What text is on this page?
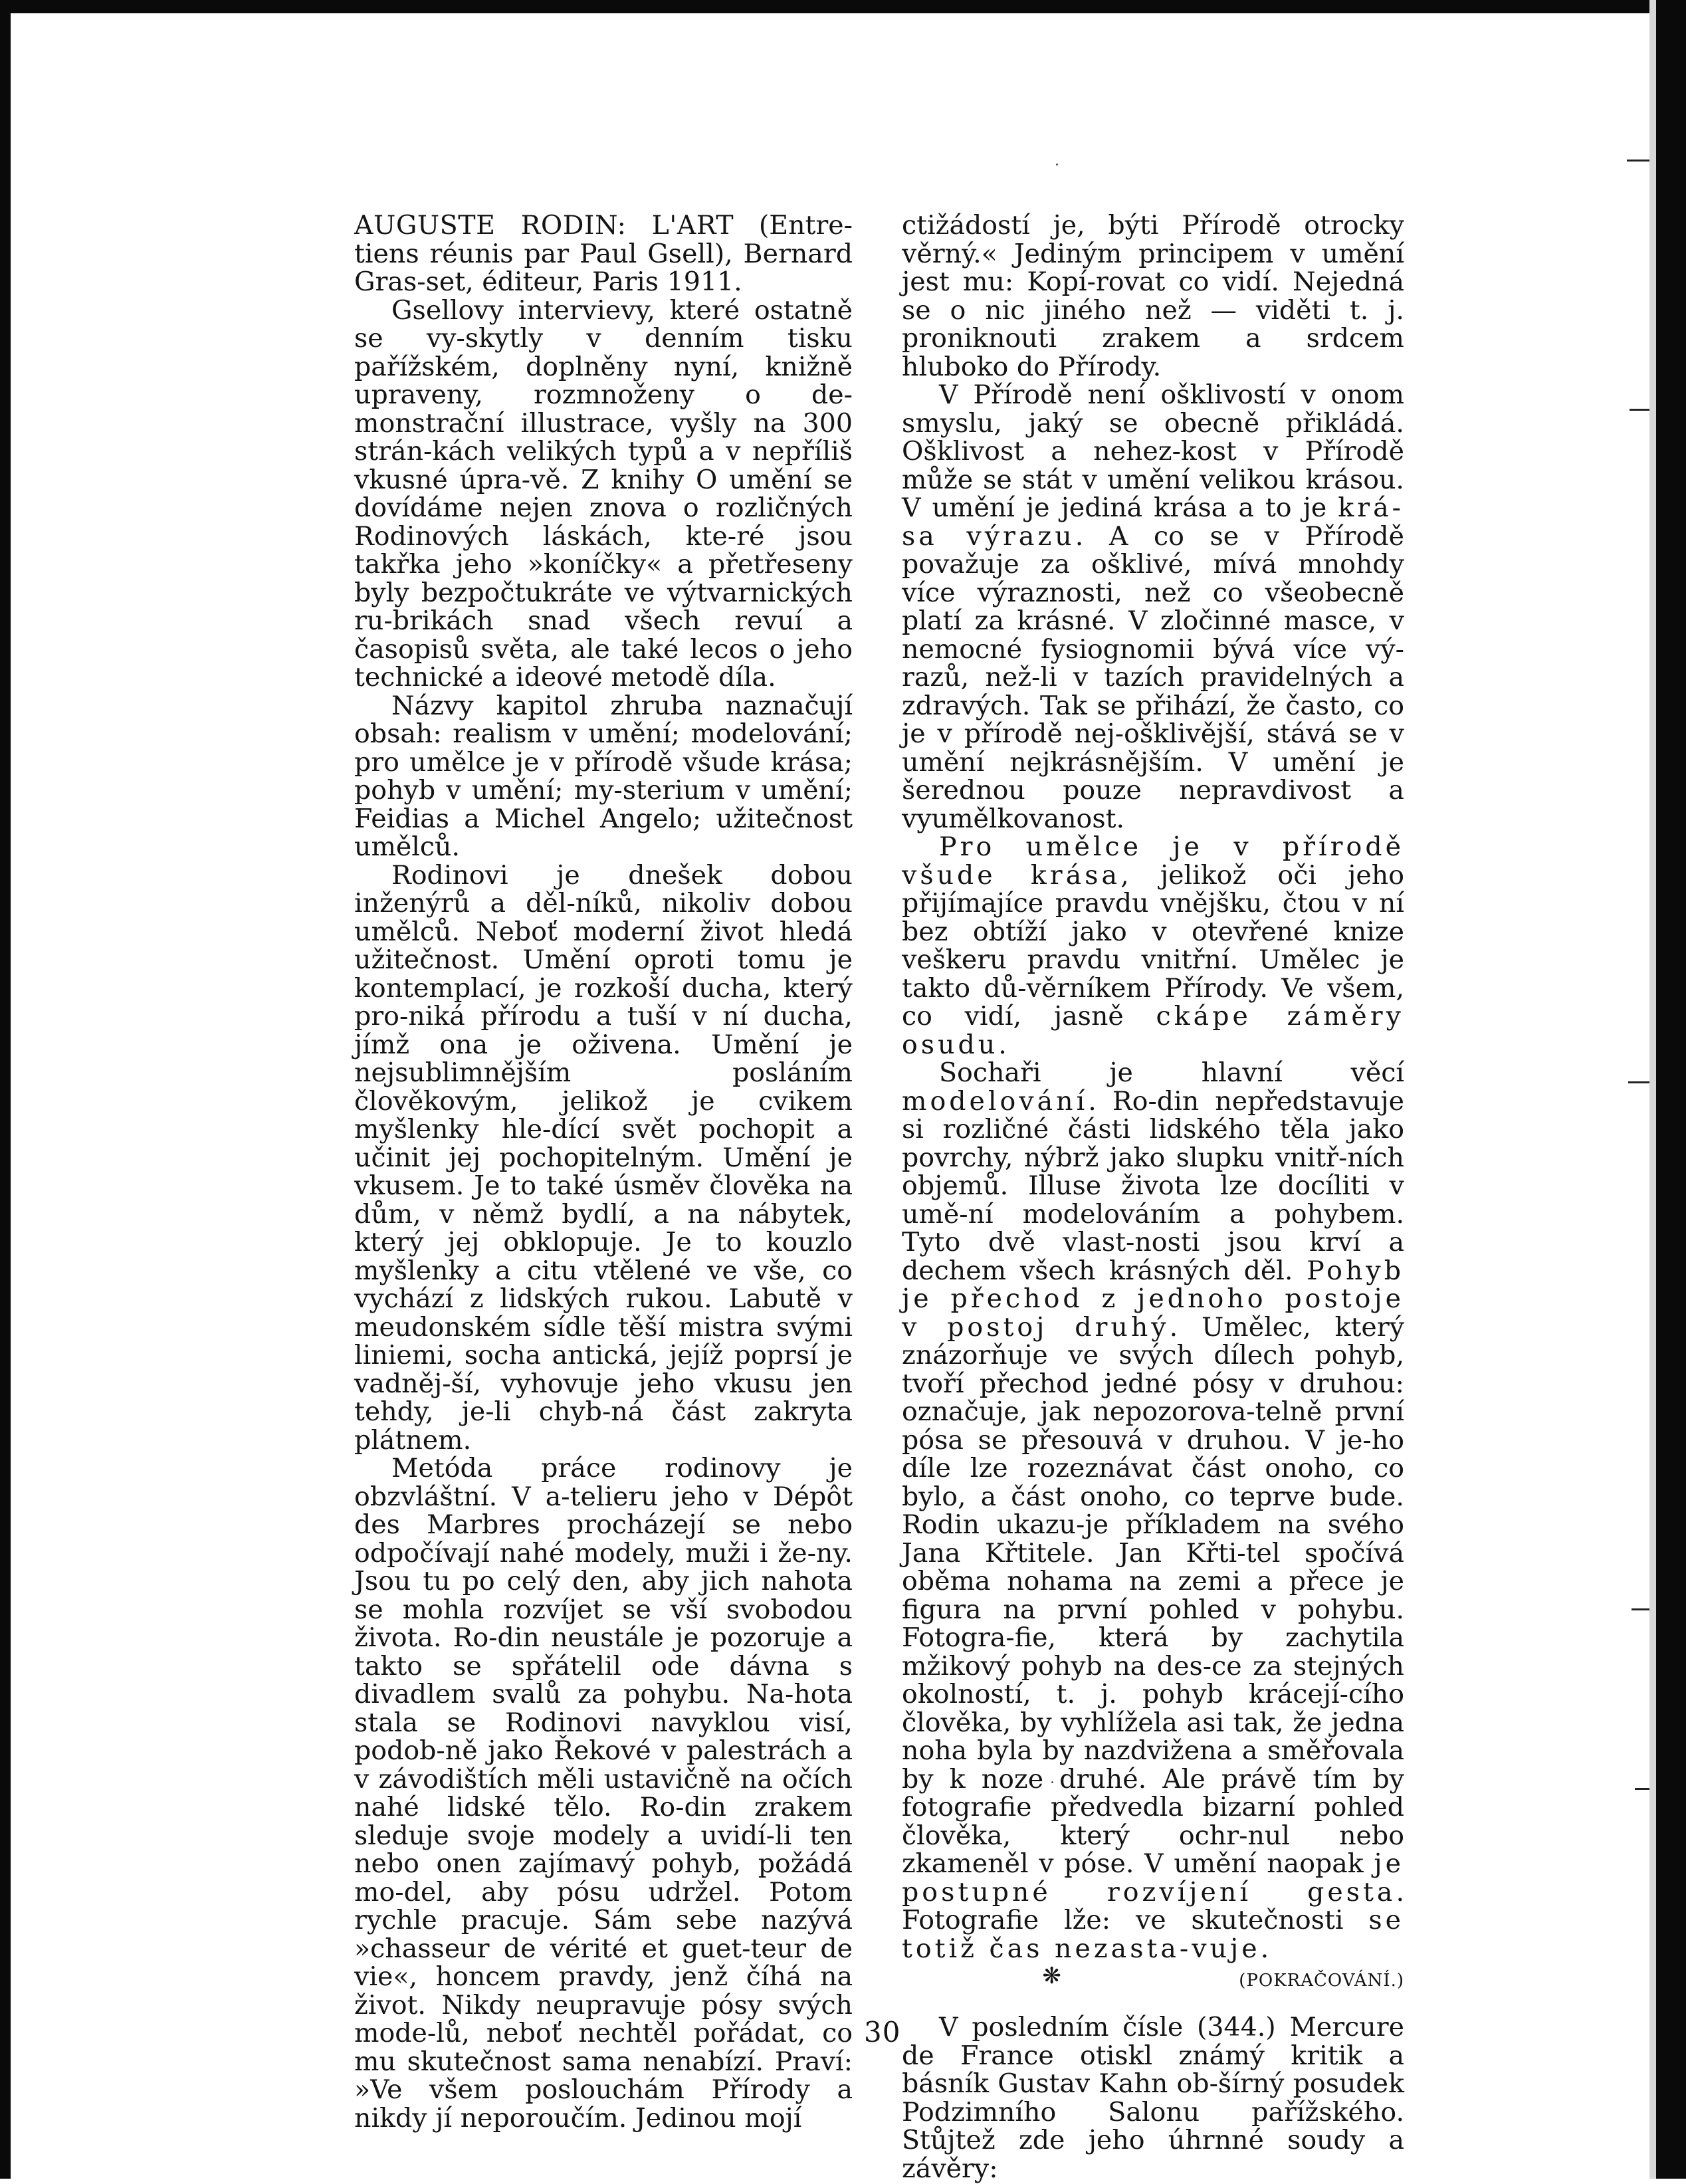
AUGUSTE RODIN: L'ART (Entre-tiens réunis par Paul Gsell), Bernard Gras-set, éditeur, Paris 1911.

Gsellovy intervievy, které ostatně se vy-skytly v denním tisku pařížském, doplněny nyní, knižně upraveny, rozmnoženy o de-monstrační illustrace, vyšly na 300 strán-kách velikých typů a v nepříliš vkusné úpra-vě. Z knihy O umění se dovídáme nejen znova o rozličných Rodinových láskách, kte-ré jsou takřka jeho »koníčky« a přetřeseny byly bezpočtukráte ve výtvarnických ru-brikách snad všech revuí a časopisů světa, ale také lecos o jeho technické a ideové metodě díla.

Názvy kapitol zhruba naznačují obsah: realism v umění; modelování; pro umělce je v přírodě všude krása; pohyb v umění; my-sterium v umění; Feidias a Michel Angelo; užitečnost umělců.

Rodinovi je dnešek dobou inženýrů a děl-níků, nikoliv dobou umělců. Neboť moderní život hledá užitečnost. Umění oproti tomu je kontemplací, je rozkoší ducha, který pro-niká přírodu a tuší v ní ducha, jímž ona je oživena. Umění je nejsublimnějším posláním člověkovým, jelikož je cvikem myšlenky hle-dící svět pochopit a učinit jej pochopitelným. Umění je vkusem. Je to také úsměv člověka na dům, v němž bydlí, a na nábytek, který jej obklopuje. Je to kouzlo myšlenky a citu vtělené ve vše, co vychází z lidských rukou. Labutě v meudonském sídle těší mistra svými liniemi, socha antická, jejíž poprsí je vadněj-ší, vyhovuje jeho vkusu jen tehdy, je-li chyb-ná část zakryta plátnem.

Metóda práce rodinovy je obzvláštní. V a-telieru jeho v Dépôt des Marbres procházejí se nebo odpočívají nahé modely, muži i že-ny. Jsou tu po celý den, aby jich nahota se mohla rozvíjet se vší svobodou života. Ro-din neustále je pozoruje a takto se spřátelil ode dávna s divadlem svalů za pohybu. Na-hota stala se Rodinovi navyklou visí, podob-ně jako Řekové v palestrách a v závodištích měli ustavičně na očích nahé lidské tělo. Ro-din zrakem sleduje svoje modely a uvidí-li ten nebo onen zajímavý pohyb, požádá mo-del, aby pósu udržel. Potom rychle pracuje. Sám sebe nazývá »chasseur de vérité et guet-teur de vie«, honcem pravdy, jenž číhá na život. Nikdy neupravuje pósy svých mode-lů, neboť nechtěl pořádat, co mu skutečnost sama nenabízí. Praví: »Ve všem poslouchám Přírody a nikdy jí neporoučím. Jedinou mojí

ctižádostí je, býti Přírodě otrocky věrný.« Jediným principem v umění jest mu: Kopí-rovat co vidí. Nejedná se o nic jiného než — viděti t. j. proniknouti zrakem a srdcem hluboko do Přírody.

V Přírodě není ošklivostí v onom smyslu, jaký se obecně přikládá. Ošklivost a nehez-kost v Přírodě může se stát v umění velikou krásou. V umění je jediná krása a to je krá-sa výrazu. A co se v Přírodě považuje za ošklivé, mívá mnohdy více výraznosti, než co všeobecně platí za krásné. V zločinné masce, v nemocné fysiognomii bývá více vý-razů, než-li v tazích pravidelných a zdravých. Tak se přihází, že často, co je v přírodě nej-ošklivější, stává se v umění nejkrásnějším. V umění je šerednou pouze nepravdivost a vyumělkovanost.

Pro umělce je v přírodě všude krása, jelikož oči jeho přijímajíce pravdu vnějšku, čtou v ní bez obtíží jako v otevřené knize veškeru pravdu vnitřní. Umělec je takto dů-věrníkem Přírody. Ve všem, co vidí, jasně ckápe záměry osudu.

Sochaři je hlavní věcí modelování. Ro-din nepředstavuje si rozličné části lidského těla jako povrchy, nýbrž jako slupku vnitř-ních objemů. Illuse života lze docíliti v umě-ní modelováním a pohybem. Tyto dvě vlast-nosti jsou krví a dechem všech krásných děl. Pohyb je přechod z jednoho postoje v postoj druhý. Umělec, který znázorňuje ve svých dílech pohyb, tvoří přechod jedné pósy v druhou: označuje, jak nepozorova-telně první pósa se přesouvá v druhou. V je-ho díle lze rozeznávat část onoho, co bylo, a část onoho, co teprve bude. Rodin ukazu-je příkladem na svého Jana Křtitele. Jan Křti-tel spočívá oběma nohama na zemi a přece je figura na první pohled v pohybu. Fotogra-fie, která by zachytila mžikový pohyb na des-ce za stejných okolností, t. j. pohyb krácejí-cího člověka, by vyhlížela asi tak, že jedna noha byla by nazdvižena a směřovala by k noze druhé. Ale právě tím by fotografie předvedla bizarní pohled člověka, který ochr-nul nebo zkameněl v póse. V umění naopak je postupné rozvíjení gesta. Fotografie lže: ve skutečnosti se totiž čas nezasta-vuje.
(POKRAČOVÁNÍ.)

❋

V posledním čísle (344.) Mercure de France otiskl známý kritik a básník Gustav Kahn ob-šírný posudek Podzimního Salonu pařížského. Stůjtež zde jeho úhrnné soudy a závěry:

30
